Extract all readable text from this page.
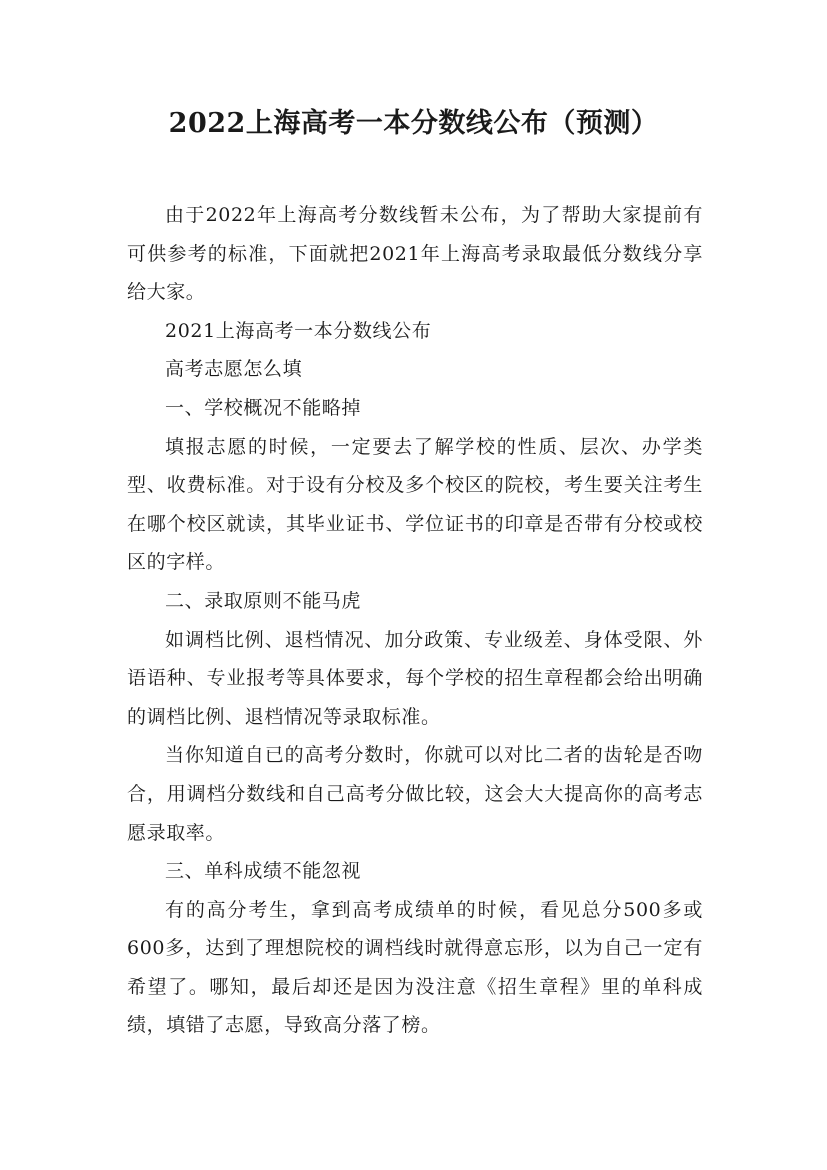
2022上海高考一本分数线公布（预测）

由于2022年上海高考分数线暂未公布，为了帮助大家提前有可供参考的标准，下面就把2021年上海高考录取最低分数线分享给大家。

2021上海高考一本分数线公布

高考志愿怎么填

一、学校概况不能略掉

填报志愿的时候，一定要去了解学校的性质、层次、办学类型、收费标准。对于设有分校及多个校区的院校，考生要关注考生在哪个校区就读，其毕业证书、学位证书的印章是否带有分校或校区的字样。

二、录取原则不能马虎

如调档比例、退档情况、加分政策、专业级差、身体受限、外语语种、专业报考等具体要求，每个学校的招生章程都会给出明确的调档比例、退档情况等录取标准。

当你知道自已的高考分数时，你就可以对比二者的齿轮是否吻合，用调档分数线和自己高考分做比较，这会大大提高你的高考志愿录取率。

三、单科成绩不能忽视

有的高分考生，拿到高考成绩单的时候，看见总分500多或600多，达到了理想院校的调档线时就得意忘形，以为自己一定有希望了。哪知，最后却还是因为没注意《招生章程》里的单科成绩，填错了志愿，导致高分落了榜。
